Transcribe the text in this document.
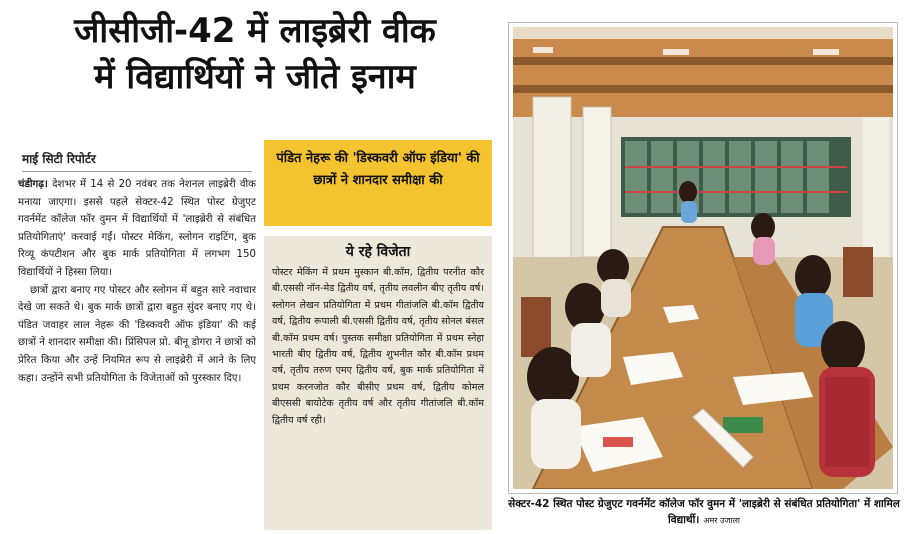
जीसीजी-42 में लाइब्रेरी वीक
में विद्यार्थियों ने जीते इनाम
माई सिटी रिपोर्टर

चंडीगढ़। देशभर में 14 से 20 नवंबर तक नेशनल लाइब्रेरी वीक मनाया जाएगा। इससे पहले सेक्टर-42 स्थित पोस्ट ग्रेजुएट गवर्नमेंट कॉलेज फॉर वुमन में विद्यार्थियों में 'लाइब्रेरी से संबंधित प्रतियोगिताएं' करवाई गईं। पोस्टर मेकिंग, स्लोगन राइटिंग, बुक रिव्यू कंपटीशन और बुक मार्क प्रतियोगिता में लगभग 150 विद्यार्थियों ने हिस्सा लिया।

छात्रों द्वारा बनाए गए पोस्टर और स्लोगन में बहुत सारे नवाचार देखे जा सकते थे। बुक मार्क छात्रों द्वारा बहुत सुंदर बनाए गए थे। पंडित जवाहर लाल नेहरू की 'डिस्कवरी ऑफ इंडिया' की कई छात्रों ने शानदार समीक्षा की। प्रिंसिपल प्रो. बीनू डोगरा ने छात्रों को प्रेरित किया और उन्हें नियमित रूप से लाइब्रेरी में आने के लिए कहा। उन्होंने सभी प्रतियोगिता के विजेताओं को पुरस्कार दिए।

पंडित नेहरू की 'डिस्कवरी ऑफ इंडिया' की छात्रों ने शानदार समीक्षा की
ये रहे विजेता
पोस्टर मेकिंग में प्रथम मुस्कान बी.कॉम, द्वितीय परनीत कौर बी.एससी नॉन-मेड द्वितीय वर्ष, तृतीय लवलीन बीए तृतीय वर्ष। स्लोगन लेखन प्रतियोगिता में प्रथम गीतांजलि बी.कॉम द्वितीय वर्ष, द्वितीय रूपाली बी.एससी द्वितीय वर्ष, तृतीय सोनल बंसल बी.कॉम प्रथम वर्ष। पुस्तक समीक्षा प्रतियोगिता में प्रथम स्नेहा भारती बीए द्वितीय वर्ष, द्वितीय शुभनीत कौर बी.कॉम प्रथम वर्ष, तृतीय तरुण एमए द्वितीय वर्ष, बुक मार्क प्रतियोगिता में प्रथम करनजोत कौर बीसीए प्रथम वर्ष, द्वितीय कोमल बीएससी बायोटेक तृतीय वर्ष और तृतीय गीतांजलि बी.कॉम द्वितीय वर्ष रही।
सेक्टर-42 स्थित पोस्ट ग्रेजुएट गवर्नमेंट कॉलेज फॉर वुमन में 'लाइब्रेरी से संबंधित प्रतियोगिता' में शामिल विद्यार्थी। अमर उजाला
